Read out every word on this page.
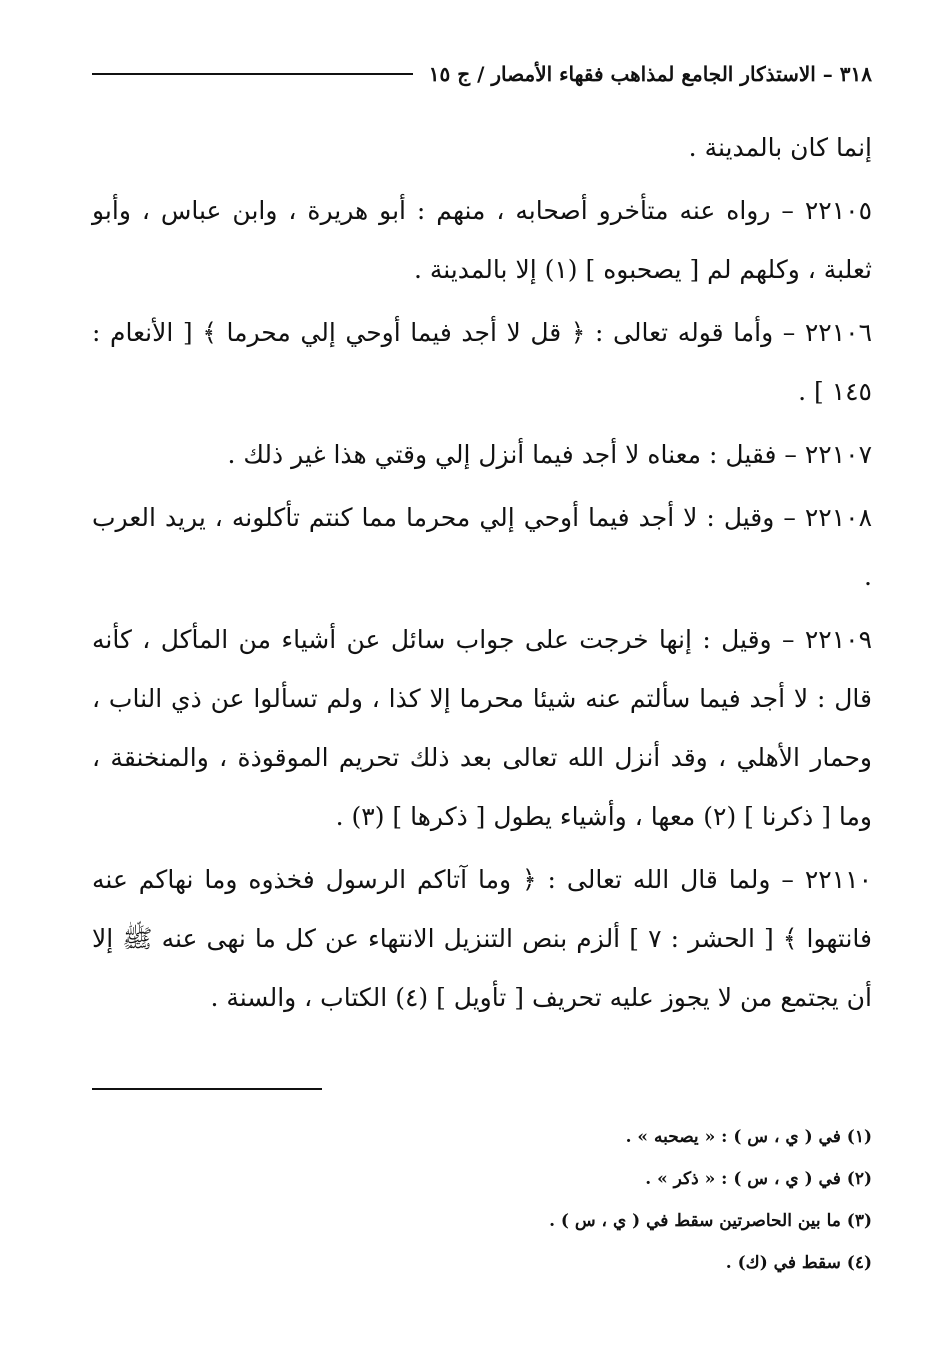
٣١٨ – الاستذكار الجامع لمذاهب فقهاء الأمصار / ج ١٥

إنما كان بالمدينة .

٢٢١٠٥ – رواه عنه متأخرو أصحابه ، منهم : أبو هريرة ، وابن عباس ، وأبو ثعلبة ، وكلهم لم [ يصحبوه ] (١) إلا بالمدينة .

٢٢١٠٦ – وأما قوله تعالى : ﴿ قل لا أجد فيما أوحي إلي محرما ﴾ [ الأنعام : ١٤٥ ] .

٢٢١٠٧ – فقيل : معناه لا أجد فيما أنزل إلي وقتي هذا غير ذلك .

٢٢١٠٨ – وقيل : لا أجد فيما أوحي إلي محرما مما كنتم تأكلونه ، يريد العرب .

٢٢١٠٩ – وقيل : إنها خرجت على جواب سائل عن أشياء من المأكل ، كأنه قال : لا أجد فيما سألتم عنه شيئا محرما إلا كذا ، ولم تسألوا عن ذي الناب ، وحمار الأهلي ، وقد أنزل الله تعالى بعد ذلك تحريم الموقوذة ، والمنخنقة ، وما [ ذكرنا ] (٢) معها ، وأشياء يطول [ ذكرها ] (٣) .

٢٢١١٠ – ولما قال الله تعالى : ﴿ وما آتاكم الرسول فخذوه وما نهاكم عنه فانتهوا ﴾ [ الحشر : ٧ ] ألزم بنص التنزيل الانتهاء عن كل ما نهى عنه ﷺ إلا أن يجتمع من لا يجوز عليه تحريف [ تأويل ] (٤) الكتاب ، والسنة .

(١) في ( ي ، س ) : « يصحبه » .
(٢) في ( ي ، س ) : « ذكر » .
(٣) ما بين الحاصرتين سقط في ( ي ، س ) .
(٤) سقط في (ك) .
